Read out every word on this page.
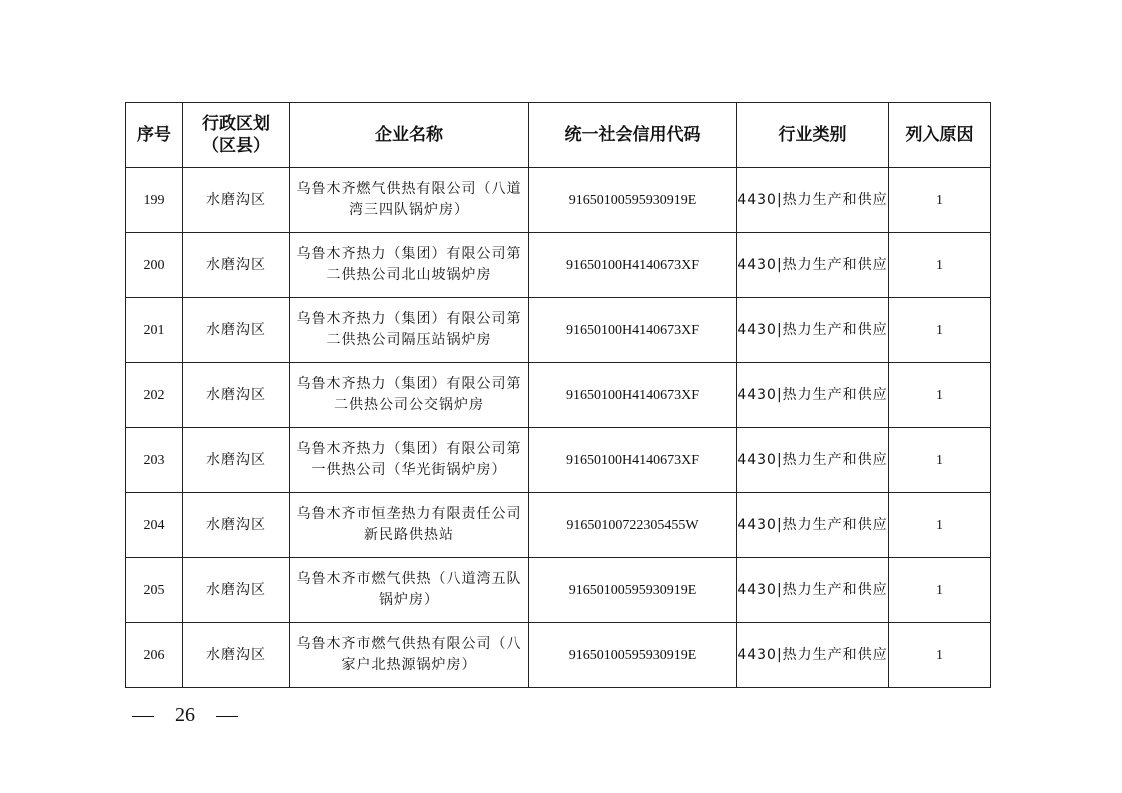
序号	行政区划（区县）	企业名称	统一社会信用代码	行业类别	列入原因
199	水磨沟区	乌鲁木齐燃气供热有限公司（八道湾三四队锅炉房）	91650100595930919E	4430|热力生产和供应	1
200	水磨沟区	乌鲁木齐热力（集团）有限公司第二供热公司北山坡锅炉房	91650100H4140673XF	4430|热力生产和供应	1
201	水磨沟区	乌鲁木齐热力（集团）有限公司第二供热公司隔压站锅炉房	91650100H4140673XF	4430|热力生产和供应	1
202	水磨沟区	乌鲁木齐热力（集团）有限公司第二供热公司公交锅炉房	91650100H4140673XF	4430|热力生产和供应	1
203	水磨沟区	乌鲁木齐热力（集团）有限公司第一供热公司（华光街锅炉房）	91650100H4140673XF	4430|热力生产和供应	1
204	水磨沟区	乌鲁木齐市恒垄热力有限责任公司新民路供热站	91650100722305455W	4430|热力生产和供应	1
205	水磨沟区	乌鲁木齐市燃气供热（八道湾五队锅炉房）	91650100595930919E	4430|热力生产和供应	1
206	水磨沟区	乌鲁木齐市燃气供热有限公司（八家户北热源锅炉房）	91650100595930919E	4430|热力生产和供应	1
26
